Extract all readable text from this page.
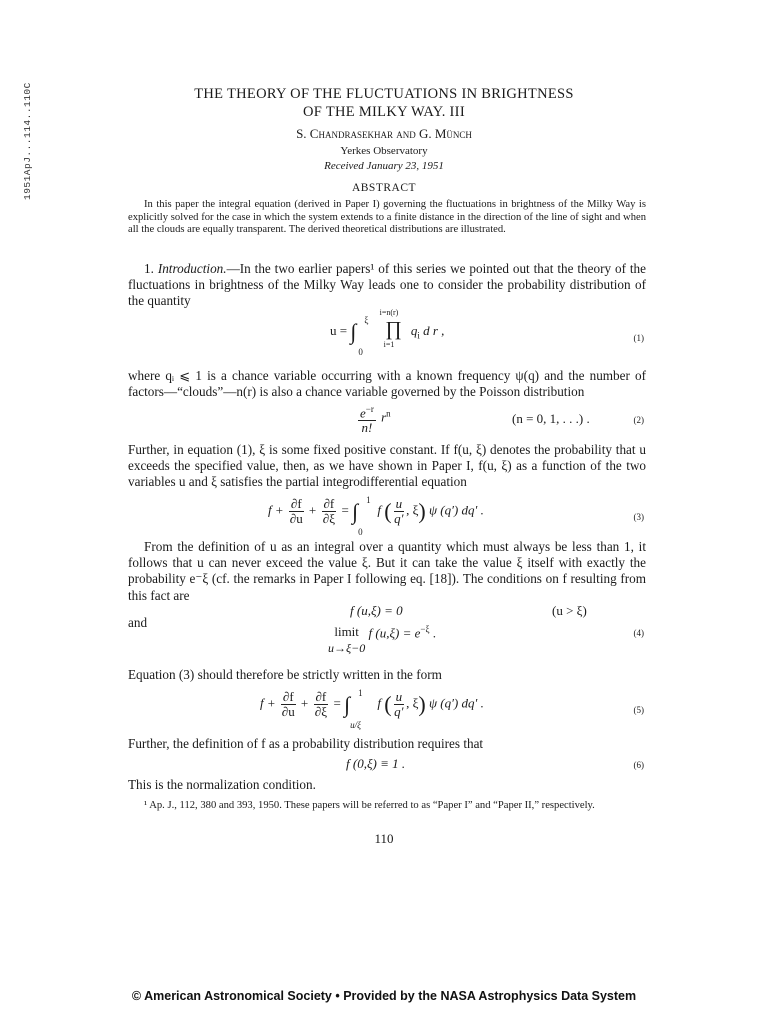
1951ApJ...114..110C	THE THEORY OF THE FLUCTUATIONS IN BRIGHTNESS
OF THE MILKY WAY. III
S. Chandrasekhar and G. Münch
Yerkes Observatory
Received January 23, 1951
ABSTRACT
In this paper the integral equation (derived in Paper I) governing the fluctuations in brightness of the Milky Way is explicitly solved for the case in which the system extends to a finite distance in the direction of the line of sight and when all the clouds are equally transparent. The derived theoretical distributions are illustrated.
1. Introduction.—In the two earlier papers¹ of this series we pointed out that the theory of the fluctuations in brightness of the Milky Way leads one to consider the probability distribution of the quantity
u = ∫ ξ
0

i=n(r)
∏
i=1
$q_i$ d r ,	(1)
where qᵢ ⩽ 1 is a chance variable occurring with a known frequency ψ(q) and the number of factors—“clouds”—n(r) is also a chance variable governed by the Poisson distribution
$\frac{e^{-r}}{n!} r^n$	(n = 0, 1, . . .) .	(2)
Further, in equation (1), ξ is some fixed positive constant. If f(u, ξ) denotes the probability that u exceeds the specified value, then, as we have shown in Paper I, f(u, ξ) as a function of the two variables u and ξ satisfies the partial integrodifferential equation
$f + \frac{\partial f}{\partial u} + \frac{\partial f}{\partial\xi}$ = ∫ 1
0
f ( $\frac{u}{q'}$ , ξ) ψ (q′) dq′ .	(3)
From the definition of u as an integral over a quantity which must always be less than 1, it follows that u can never exceed the value ξ. But it can take the value ξ itself with exactly the probability e⁻ξ (cf. the remarks in Paper I following eq. [18]). The conditions on f resulting from this fact are
f (u,ξ) = 0	(u > ξ)
and
limit
u→ξ−0 f $(u,\xi) = e^{-\xi}$ .	(4)
Equation (3) should therefore be strictly written in the form
$f + \frac{\partial f}{\partial u} + \frac{\partial f}{\partial\xi}$ = ∫ 1
u/ξ
f ( $\frac{u}{q'}$ , ξ) ψ (q′) dq′ .	(5)
Further, the definition of f as a probability distribution requires that
f (0,ξ) ≡ 1 .	(6)
This is the normalization condition.
¹ Ap. J., 112, 380 and 393, 1950. These papers will be referred to as “Paper I” and “Paper II,” respectively.
110
© American Astronomical Society • Provided by the NASA Astrophysics Data System
